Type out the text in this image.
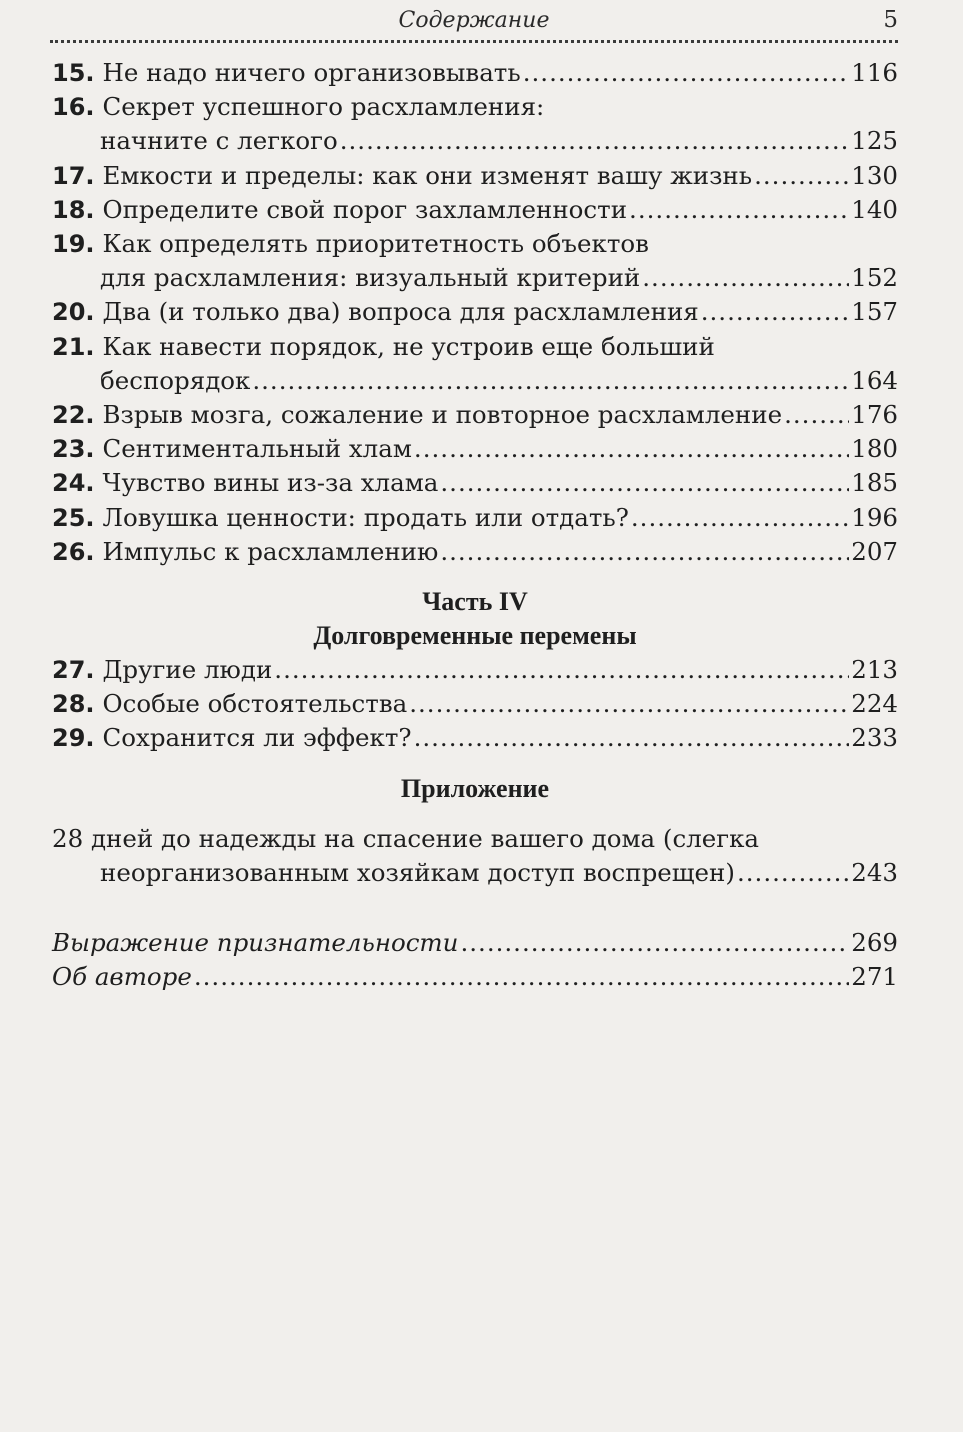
Содержание	5
15. Не надо ничего организовывать .....	116
16. Секрет успешного расхламления:
начните с легкого .....	125
17. Емкости и пределы: как они изменят вашу жизнь .....	130
18. Определите свой порог захламленности .....	140
19. Как определять приоритетность объектов
для расхламления: визуальный критерий .....	152
20. Два (и только два) вопроса для расхламления .....	157
21. Как навести порядок, не устроив еще больший
беспорядок .....	164
22. Взрыв мозга, сожаление и повторное расхламление .....	176
23. Сентиментальный хлам .....	180
24. Чувство вины из-за хлама .....	185
25. Ловушка ценности: продать или отдать? .....	196
26. Импульс к расхламлению .....	207
Часть IV
Долговременные перемены
27. Другие люди .....	213
28. Особые обстоятельства .....	224
29. Сохранится ли эффект? .....	233
Приложение
28 дней до надежды на спасение вашего дома (слегка
неорганизованным хозяйкам доступ воспрещен) .....	243
Выражение признательности .....	269
Об авторе .....	271
